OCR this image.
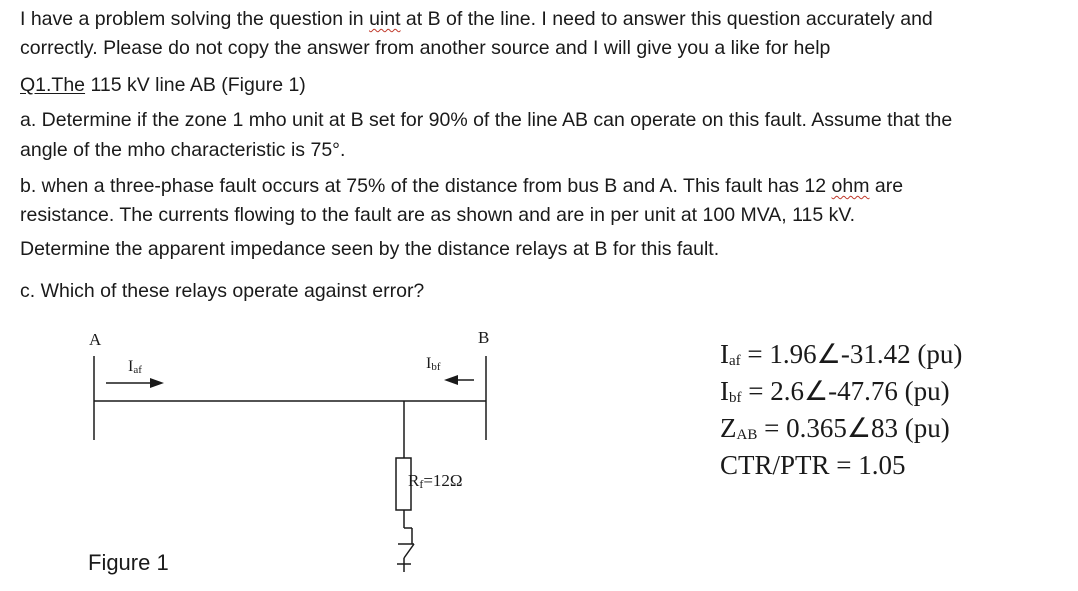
I have a problem solving the question in uint at B of the line. I need to answer this question accurately and
correctly. Please do not copy the answer from another source and I will give you a like for help
Q1.The 115 kV line AB (Figure 1)
a. Determine if the zone 1 mho unit at B set for 90% of the line AB can operate on this fault. Assume that the
angle of the mho characteristic is 75°.
b. when a three-phase fault occurs at 75% of the distance from bus B and A. This fault has 12 ohm are
resistance. The currents flowing to the fault are as shown and are in per unit at 100 MVA, 115 kV.
Determine the apparent impedance seen by the distance relays at B for this fault.
c. Which of these relays operate against error?
A	B
Iaf	Ibf
Rf=12Ω
Figure 1
Iaf = 1.96∠-31.42 (pu)
Ibf = 2.6∠-47.76 (pu)
ZAB = 0.365∠83 (pu)
CTR/PTR = 1.05
